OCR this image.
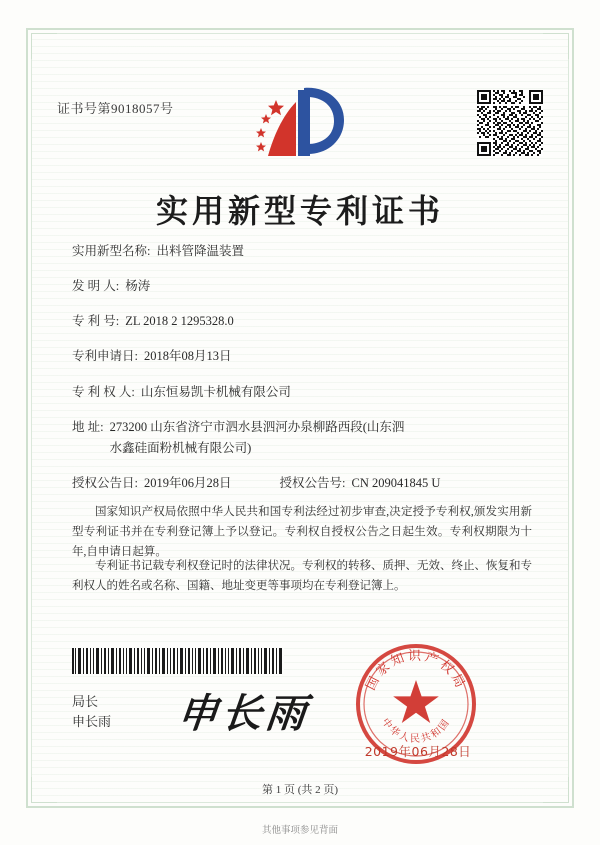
证书号第9018057号
实用新型专利证书
实用新型名称: 出料管降温装置
发 明 人: 杨涛
专 利 号: ZL 2018 2 1295328.0
专利申请日: 2018年08月13日
专 利 权 人: 山东恒易凯卡机械有限公司
地 址: 273200 山东省济宁市泗水县泗河办泉柳路西段(山东泗
水鑫硅面粉机械有限公司)
授权公告日: 2019年06月28日	授权公告号: CN 209041845 U
国家知识产权局依照中华人民共和国专利法经过初步审查,决定授予专利权,颁发实用新型专利证书并在专利登记簿上予以登记。专利权自授权公告之日起生效。专利权期限为十年,自申请日起算。
专利证书记载专利权登记时的法律状况。专利权的转移、质押、无效、终止、恢复和专利权人的姓名或名称、国籍、地址变更等事项均在专利登记簿上。
局长
申长雨 申长雨
国家知识产权局
中华人民共和国
2019年06月28日
第 1 页 (共 2 页)
其他事项参见背面
